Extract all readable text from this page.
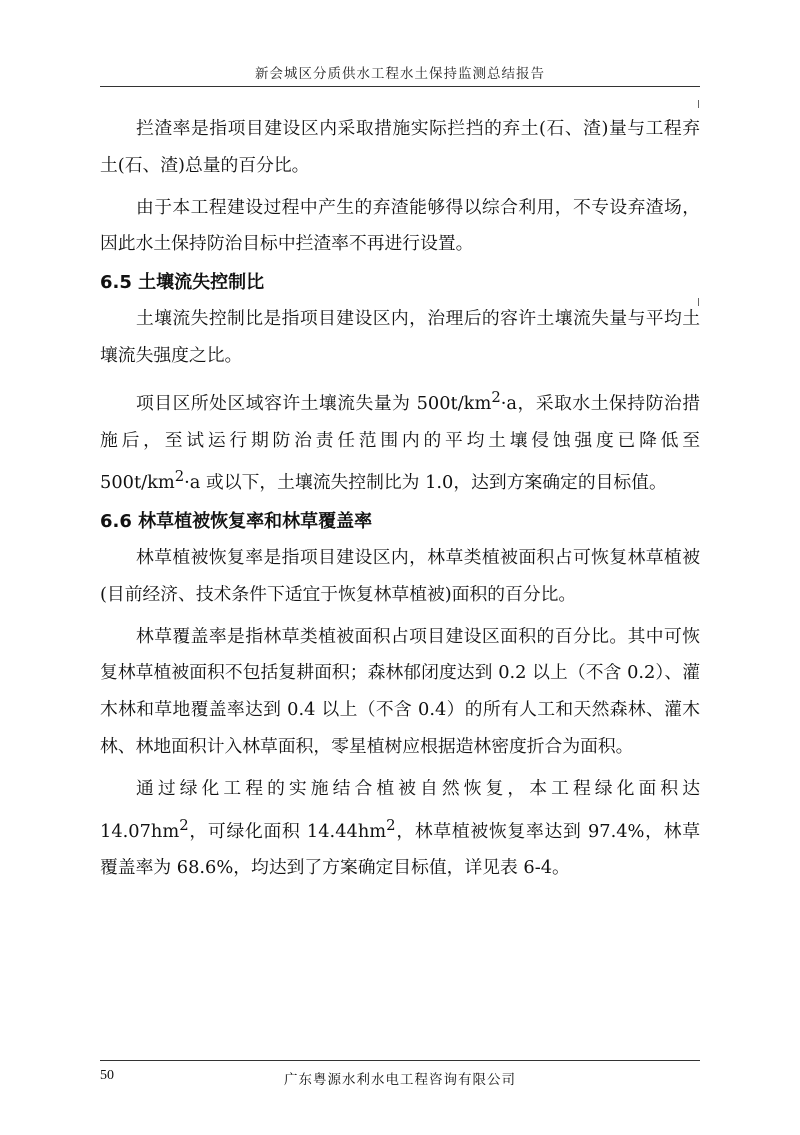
新会城区分质供水工程水土保持监测总结报告

拦渣率是指项目建设区内采取措施实际拦挡的弃土(石、渣)量与工程弃土(石、渣)总量的百分比。

由于本工程建设过程中产生的弃渣能够得以综合利用，不专设弃渣场，因此水土保持防治目标中拦渣率不再进行设置。

6.5 土壤流失控制比

土壤流失控制比是指项目建设区内，治理后的容许土壤流失量与平均土壤流失强度之比。

项目区所处区域容许土壤流失量为 $500t/km^2\cdot a$，采取水土保持防治措施后，至试运行期防治责任范围内的平均土壤侵蚀强度已降低至 $500t/km^2\cdot a$ 或以下，土壤流失控制比为 1.0，达到方案确定的目标值。

6.6 林草植被恢复率和林草覆盖率

林草植被恢复率是指项目建设区内，林草类植被面积占可恢复林草植被(目前经济、技术条件下适宜于恢复林草植被)面积的百分比。

林草覆盖率是指林草类植被面积占项目建设区面积的百分比。其中可恢复林草植被面积不包括复耕面积；森林郁闭度达到 0.2 以上（不含 0.2）、灌木林和草地覆盖率达到 0.4 以上（不含 0.4）的所有人工和天然森林、灌木林、林地面积计入林草面积，零星植树应根据造林密度折合为面积。

通过绿化工程的实施结合植被自然恢复，本工程绿化面积达 $14.07hm^2$，可绿化面积 $14.44hm^2$，林草植被恢复率达到 97.4%，林草覆盖率为 68.6%，均达到了方案确定目标值，详见表 6-4。

50	广东粤源水利水电工程咨询有限公司
